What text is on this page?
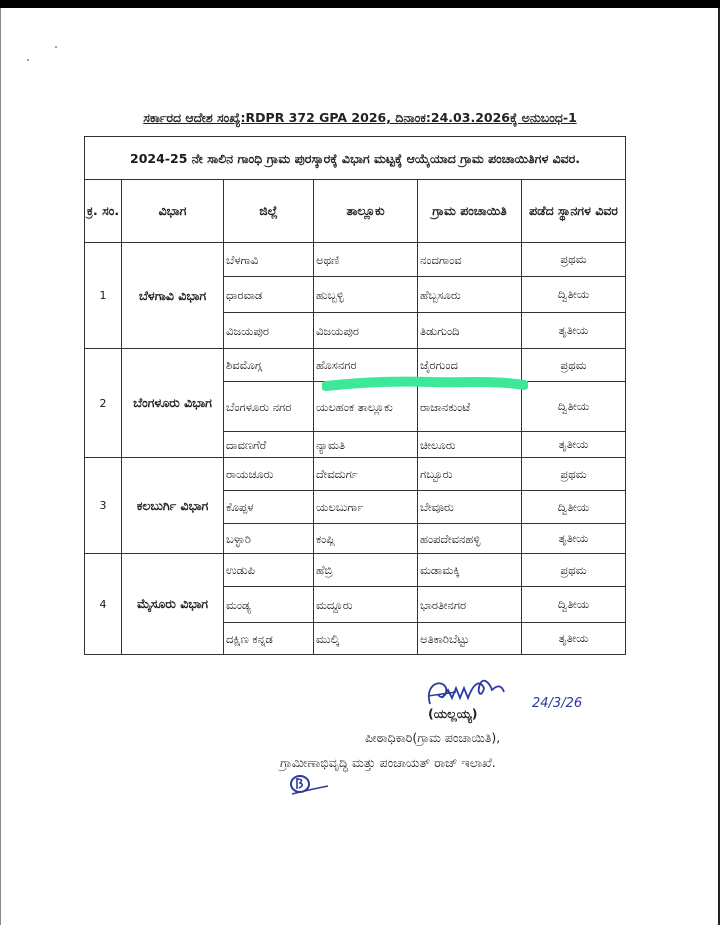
ಸರ್ಕಾರದ ಆದೇಶ ಸಂಖ್ಯೆ:RDPR 372 GPA 2026, ದಿನಾಂಕ:24.03.2026ಕ್ಕೆ ಅನುಬಂಧ-1
2024-25 ನೇ ಸಾಲಿನ ಗಾಂಧಿ ಗ್ರಾಮ ಪುರಸ್ಕಾರಕ್ಕೆ ವಿಭಾಗ ಮಟ್ಟಕ್ಕೆ ಆಯ್ಕೆಯಾದ ಗ್ರಾಮ ಪಂಚಾಯಿತಿಗಳ ವಿವರ.					
ಕ್ರ. ಸಂ.	ವಿಭಾಗ	ಜಿಲ್ಲೆ	ತಾಲ್ಲೂಕು	ಗ್ರಾಮ ಪಂಚಾಯಿತಿ	ಪಡೆದ ಸ್ಥಾನಗಳ ವಿವರ
1	ಬೆಳಗಾವಿ ವಿಭಾಗ	ಬೆಳಗಾವಿ	ಅಥಣಿ	ನಂದಗಾಂವ	ಪ್ರಥಮ
		ಧಾರವಾಡ	ಹುಬ್ಬಳ್ಳಿ	ಹೆಬ್ಬಸೂರು	ದ್ವಿತೀಯ
		ವಿಜಯಪುರ	ವಿಜಯಪುರ	ತಿಡುಗುಂದಿ	ತೃತೀಯ
2	ಬೆಂಗಳೂರು ವಿಭಾಗ	ಶಿವಮೊಗ್ಗ	ಹೊಸನಗರ	ಜೈರಗುಂದ	ಪ್ರಥಮ
		ಬೆಂಗಳೂರು ನಗರ	ಯಲಹಂಕ ತಾಲ್ಲೂಕು	ರಾಜಾನಕುಂಟೆ	ದ್ವಿತೀಯ
		ದಾವಣಗೆರೆ	ನ್ಯಾಮತಿ	ಚೀಲೂರು	ತೃತೀಯ
3	ಕಲಬುರ್ಗಿ ವಿಭಾಗ	ರಾಯಚೂರು	ದೇವದುರ್ಗ	ಗಬ್ಬೂರು	ಪ್ರಥಮ
		ಕೊಪ್ಪಳ	ಯಲಬುರ್ಗಾ	ಬೇವೂರು	ದ್ವಿತೀಯ
		ಬಳ್ಳಾರಿ	ಕಂಪ್ಲಿ	ಹಂಪದೇವನಹಳ್ಳಿ	ತೃತೀಯ
4	ಮೈಸೂರು ವಿಭಾಗ	ಉಡುಪಿ	ಹೆಬ್ರಿ	ಮಡಾಮಕ್ಕಿ	ಪ್ರಥಮ
		ಮಂಡ್ಯ	ಮದ್ದೂರು	ಭಾರತೀನಗರ	ದ್ವಿತೀಯ
		ದಕ್ಷಿಣ ಕನ್ನಡ	ಮುಲ್ಕಿ	ಅತಿಕಾರಿಬೆಟ್ಟು	ತೃತೀಯ
24/3/26
(ಯಲ್ಲಯ್ಯ)
ಪೀಠಾಧಿಕಾರಿ(ಗ್ರಾಮ ಪಂಚಾಯಿತಿ),
ಗ್ರಾಮೀಣಾಭಿವೃದ್ಧಿ ಮತ್ತು ಪಂಚಾಯತ್ ರಾಜ್ ಇಲಾಖೆ.
